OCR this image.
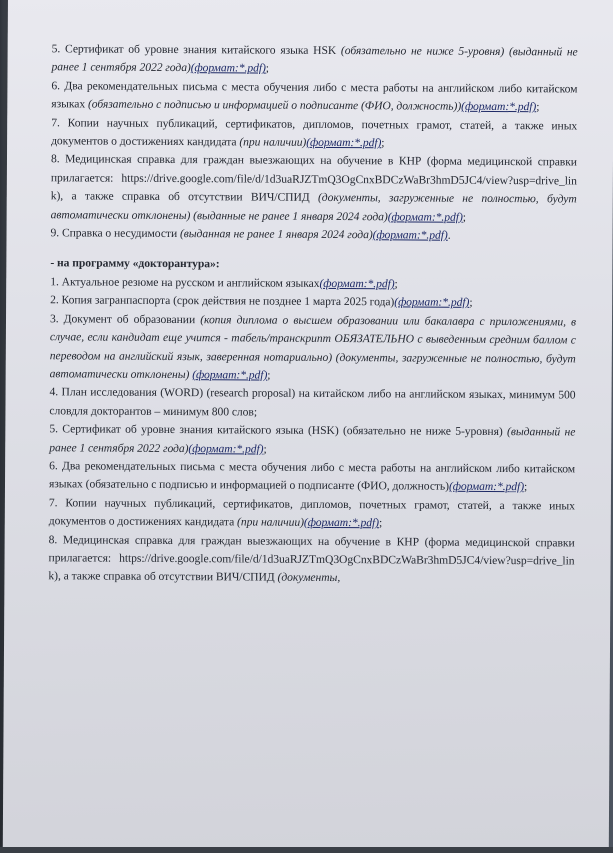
5. Сертификат об уровне знания китайского языка HSK (обязательно не ниже 5-уровня) (выданный не ранее 1 сентября 2022 года)(формат:*.pdf);

6. Два рекомендательных письма с места обучения либо с места работы на английском либо китайском языках (обязательно с подписью и информацией о подписанте (ФИО, должность))(формат:*.pdf);

7. Копии научных публикаций, сертификатов, дипломов, почетных грамот, статей, а также иных документов о достижениях кандидата (при наличии)(формат:*.pdf);

8. Медицинская справка для граждан выезжающих на обучение в КНР (форма медицинской справки прилагается: https://drive.google.com/file/d/1d3uaRJZTmQ3OgCnxBDCzWaBr3hmD5JC4/view?usp=drive_link), а также справка об отсутствии ВИЧ/СПИД (документы, загруженные не полностью, будут автоматически отклонены) (выданные не ранее 1 января 2024 года)(формат:*.pdf);

9. Справка о несудимости (выданная не ранее 1 января 2024 года)(формат:*.pdf).

- на программу «докторантура»:

1. Актуальное резюме на русском и английском языках(формат:*.pdf);

2. Копия загранпаспорта (срок действия не позднее 1 марта 2025 года)(формат:*.pdf);

3. Документ об образовании (копия диплома о высшем образовании или бакалавра с приложениями, в случае, если кандидат еще учится - табель/транскрипт ОБЯЗАТЕЛЬНО с выведенным средним баллом с переводом на английский язык, заверенная нотариально) (документы, загруженные не полностью, будут автоматически отклонены) (формат:*.pdf);

4. План исследования (WORD) (research proposal) на китайском либо на английском языках, минимум 500 словдля докторантов – минимум 800 слов;

5. Сертификат об уровне знания китайского языка (HSK) (обязательно не ниже 5-уровня) (выданный не ранее 1 сентября 2022 года)(формат:*.pdf);

6. Два рекомендательных письма с места обучения либо с места работы на английском либо китайском языках (обязательно с подписью и информацией о подписанте (ФИО, должность)(формат:*.pdf);

7. Копии научных публикаций, сертификатов, дипломов, почетных грамот, статей, а также иных документов о достижениях кандидата (при наличии)(формат:*.pdf);

8. Медицинская справка для граждан выезжающих на обучение в КНР (форма медицинской справки прилагается: https://drive.google.com/file/d/1d3uaRJZTmQ3OgCnxBDCzWaBr3hmD5JC4/view?usp=drive_link), а также справка об отсутствии ВИЧ/СПИД (документы,
